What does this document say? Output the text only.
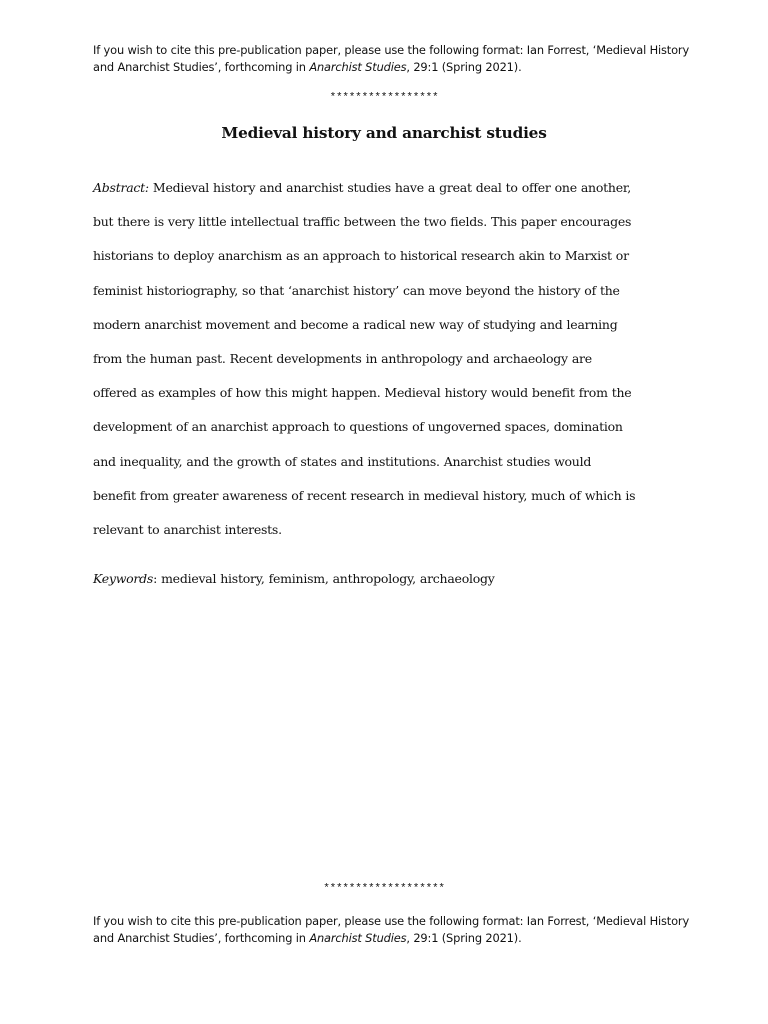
If you wish to cite this pre-publication paper, please use the following format: Ian Forrest, ‘Medieval History and Anarchist Studies’, forthcoming in Anarchist Studies, 29:1 (Spring 2021).
*****************
Medieval history and anarchist studies
Abstract: Medieval history and anarchist studies have a great deal to offer one another,
but there is very little intellectual traffic between the two fields. This paper encourages
historians to deploy anarchism as an approach to historical research akin to Marxist or
feminist historiography, so that ‘anarchist history’ can move beyond the history of the
modern anarchist movement and become a radical new way of studying and learning
from the human past. Recent developments in anthropology and archaeology are
offered as examples of how this might happen. Medieval history would benefit from the
development of an anarchist approach to questions of ungoverned spaces, domination
and inequality, and the growth of states and institutions. Anarchist studies would
benefit from greater awareness of recent research in medieval history, much of which is
relevant to anarchist interests.
Keywords: medieval history, feminism, anthropology, archaeology
*******************
If you wish to cite this pre-publication paper, please use the following format: Ian Forrest, ‘Medieval History and Anarchist Studies’, forthcoming in Anarchist Studies, 29:1 (Spring 2021).
